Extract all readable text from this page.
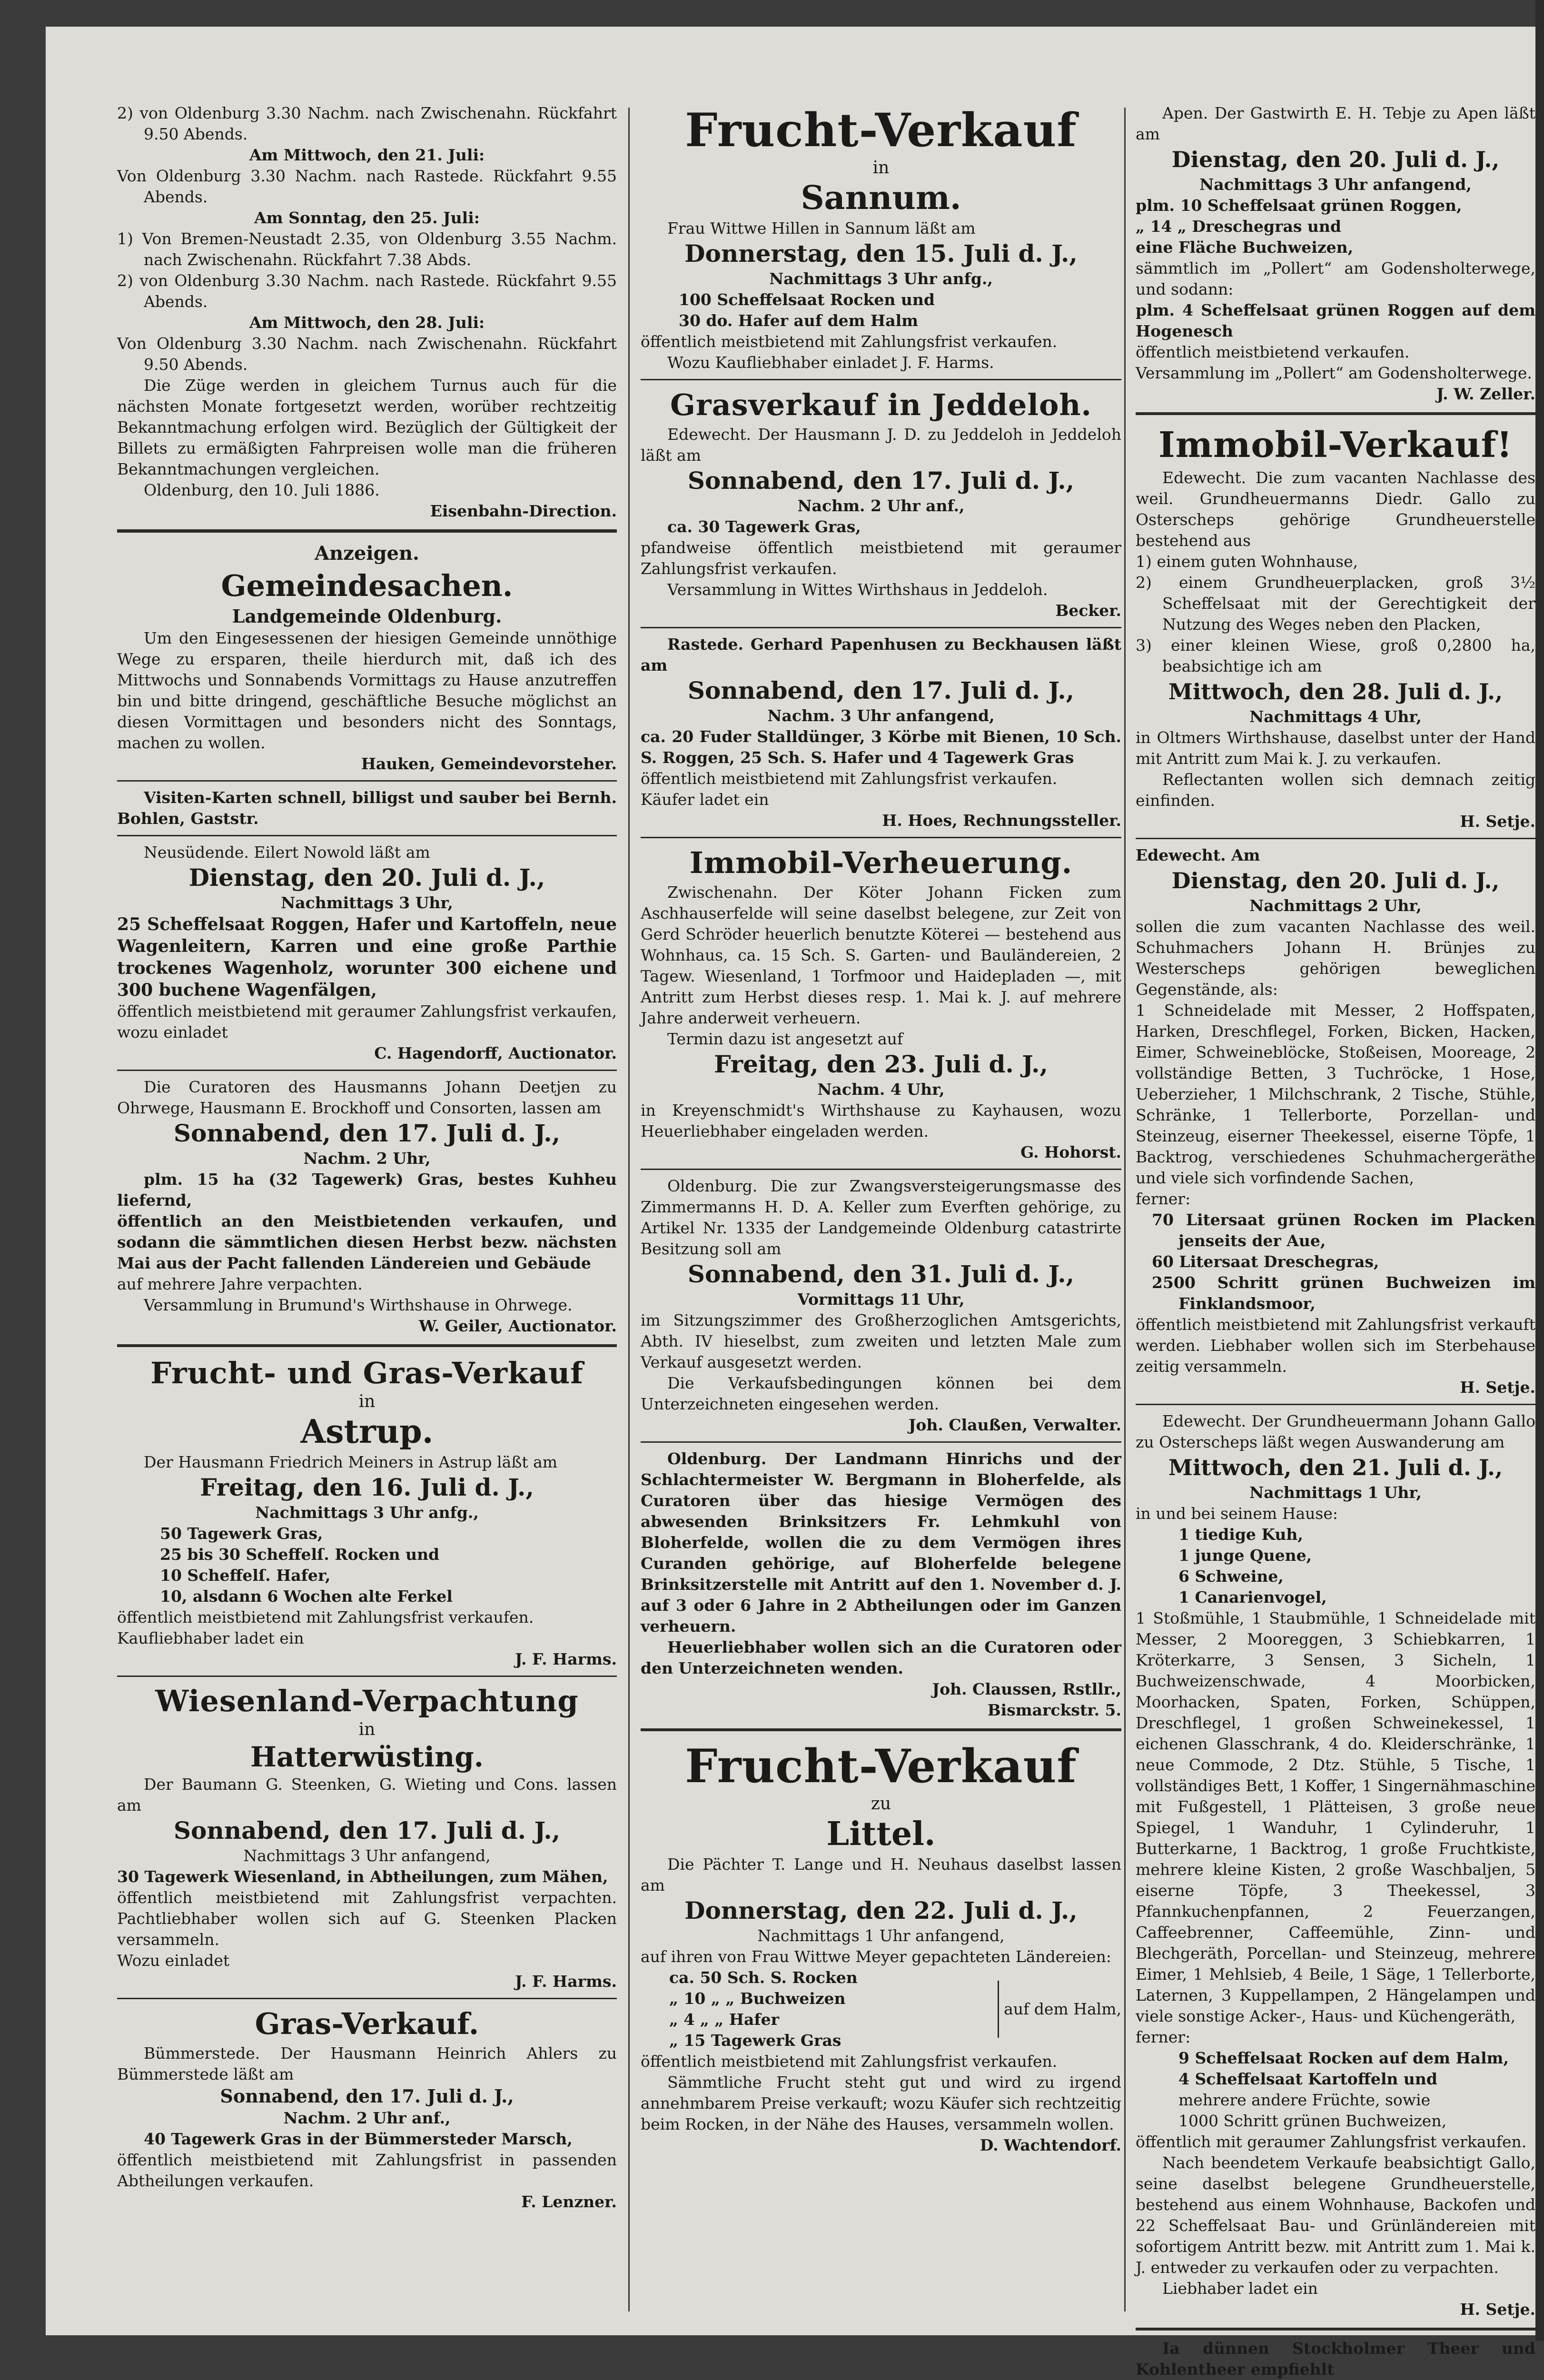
2) von Oldenburg 3.30 Nachm. nach Zwischenahn. Rückfahrt 9.50 Abends.

Am Mittwoch, den 21. Juli:

Von Oldenburg 3.30 Nachm. nach Rastede. Rückfahrt 9.55 Abends.

Am Sonntag, den 25. Juli:

1) Von Bremen-Neustadt 2.35, von Oldenburg 3.55 Nachm. nach Zwischenahn. Rückfahrt 7.38 Abds.

2) von Oldenburg 3.30 Nachm. nach Rastede. Rückfahrt 9.55 Abends.

Am Mittwoch, den 28. Juli:

Von Oldenburg 3.30 Nachm. nach Zwischenahn. Rückfahrt 9.50 Abends.

Die Züge werden in gleichem Turnus auch für die nächsten Monate fortgesetzt werden, worüber rechtzeitig Bekanntmachung erfolgen wird. Bezüglich der Gültigkeit der Billets zu ermäßigten Fahrpreisen wolle man die früheren Bekanntmachungen vergleichen.

Oldenburg, den 10. Juli 1886.

Eisenbahn-Direction.

Anzeigen.

Gemeindesachen.

Landgemeinde Oldenburg.

Um den Eingesessenen der hiesigen Gemeinde unnöthige Wege zu ersparen, theile hierdurch mit, daß ich des Mittwochs und Sonnabends Vormittags zu Hause anzutreffen bin und bitte dringend, geschäftliche Besuche möglichst an diesen Vormittagen und besonders nicht des Sonntags, machen zu wollen.

Hauken, Gemeindevorsteher.

Visiten-Karten schnell, billigst und sauber bei Bernh. Bohlen, Gaststr.

Neusüdende. Eilert Nowold läßt am

Dienstag, den 20. Juli d. J.,

Nachmittags 3 Uhr,

25 Scheffelsaat Roggen, Hafer und Kartoffeln, neue Wagenleitern, Karren und eine große Parthie trockenes Wagenholz, worunter 300 eichene und 300 buchene Wagenfälgen,

öffentlich meistbietend mit geraumer Zahlungsfrist verkaufen, wozu einladet

C. Hagendorff, Auctionator.

Die Curatoren des Hausmanns Johann Deetjen zu Ohrwege, Hausmann E. Brockhoff und Consorten, lassen am

Sonnabend, den 17. Juli d. J.,

Nachm. 2 Uhr,

plm. 15 ha (32 Tagewerk) Gras, bestes Kuhheu liefernd,

öffentlich an den Meistbietenden verkaufen, und sodann die sämmtlichen diesen Herbst bezw. nächsten Mai aus der Pacht fallenden Ländereien und Gebäude

auf mehrere Jahre verpachten.

Versammlung in Brumund's Wirthshause in Ohrwege.

W. Geiler, Auctionator.

Frucht- und Gras-Verkauf

in

Astrup.

Der Hausmann Friedrich Meiners in Astrup läßt am

Freitag, den 16. Juli d. J.,

Nachmittags 3 Uhr anfg.,

50 Tagewerk Gras,

25 bis 30 Scheffelſ. Rocken und

10 Scheffelſ. Hafer,

10, alsdann 6 Wochen alte Ferkel

öffentlich meistbietend mit Zahlungsfrist verkaufen.

Kaufliebhaber ladet ein

J. F. Harms.

Wiesenland-Verpachtung

in

Hatterwüsting.

Der Baumann G. Steenken, G. Wieting und Cons. lassen am

Sonnabend, den 17. Juli d. J.,

Nachmittags 3 Uhr anfangend,

30 Tagewerk Wiesenland, in Abtheilungen, zum Mähen,

öffentlich meistbietend mit Zahlungsfrist verpachten. Pachtliebhaber wollen sich auf G. Steenken Placken versammeln.

Wozu einladet

J. F. Harms.

Gras-Verkauf.

Bümmerstede. Der Hausmann Heinrich Ahlers zu Bümmerstede läßt am

Sonnabend, den 17. Juli d. J.,

Nachm. 2 Uhr anf.,

40 Tagewerk Gras in der Bümmersteder Marsch,

öffentlich meistbietend mit Zahlungsfrist in passenden Abtheilungen verkaufen.

F. Lenzner.

Frucht-Verkauf

in

Sannum.

Frau Wittwe Hillen in Sannum läßt am

Donnerstag, den 15. Juli d. J.,

Nachmittags 3 Uhr anfg.,

100 Scheffelsaat Rocken und

30 do. Hafer auf dem Halm

öffentlich meistbietend mit Zahlungsfrist verkaufen.

Wozu Kaufliebhaber einladet J. F. Harms.

Grasverkauf in Jeddeloh.

Edewecht. Der Hausmann J. D. zu Jeddeloh in Jeddeloh läßt am

Sonnabend, den 17. Juli d. J.,

Nachm. 2 Uhr anf.,

ca. 30 Tagewerk Gras,

pfandweise öffentlich meistbietend mit geraumer Zahlungsfrist verkaufen.

Versammlung in Wittes Wirthshaus in Jeddeloh.

Becker.

Rastede. Gerhard Papenhusen zu Beckhausen läßt am

Sonnabend, den 17. Juli d. J.,

Nachm. 3 Uhr anfangend,

ca. 20 Fuder Stalldünger, 3 Körbe mit Bienen, 10 Sch. S. Roggen, 25 Sch. S. Hafer und 4 Tagewerk Gras

öffentlich meistbietend mit Zahlungsfrist verkaufen.

Käufer ladet ein

H. Hoes, Rechnungssteller.

Immobil-Verheuerung.

Zwischenahn. Der Köter Johann Ficken zum Aschhauserfelde will seine daselbst belegene, zur Zeit von Gerd Schröder heuerlich benutzte Köterei — bestehend aus Wohnhaus, ca. 15 Sch. S. Garten- und Bauländereien, 2 Tagew. Wiesenland, 1 Torfmoor und Haidepladen —, mit Antritt zum Herbst dieses resp. 1. Mai k. J. auf mehrere Jahre anderweit verheuern.

Termin dazu ist angesetzt auf

Freitag, den 23. Juli d. J.,

Nachm. 4 Uhr,

in Kreyenschmidt's Wirthshause zu Kayhausen, wozu Heuerliebhaber eingeladen werden.

G. Hohorst.

Oldenburg. Die zur Zwangsversteigerungsmasse des Zimmermanns H. D. A. Keller zum Everften gehörige, zu Artikel Nr. 1335 der Landgemeinde Oldenburg catastrirte Besitzung soll am

Sonnabend, den 31. Juli d. J.,

Vormittags 11 Uhr,

im Sitzungszimmer des Großherzoglichen Amtsgerichts, Abth. IV hieselbst, zum zweiten und letzten Male zum Verkauf ausgesetzt werden.

Die Verkaufsbedingungen können bei dem Unterzeichneten eingesehen werden.

Joh. Claußen, Verwalter.

Oldenburg. Der Landmann Hinrichs und der Schlachtermeister W. Bergmann in Bloherfelde, als Curatoren über das hiesige Vermögen des abwesenden Brinksitzers Fr. Lehmkuhl von Bloherfelde, wollen die zu dem Vermögen ihres Curanden gehörige, auf Bloherfelde belegene Brinksitzerstelle mit Antritt auf den 1. November d. J. auf 3 oder 6 Jahre in 2 Abtheilungen oder im Ganzen verheuern.

Heuerliebhaber wollen sich an die Curatoren oder den Unterzeichneten wenden.

Joh. Claussen, Rstllr.,

Bismarckstr. 5.

Frucht-Verkauf

zu

Littel.

Die Pächter T. Lange und H. Neuhaus daselbst lassen am

Donnerstag, den 22. Juli d. J.,

Nachmittags 1 Uhr anfangend,

auf ihren von Frau Wittwe Meyer gepachteten Ländereien:

ca. 50 Sch. S. Rocken

„ 10 „ „ Buchweizen

„ 4 „ „ Hafer

„ 15 Tagewerk Gras

auf dem Halm,

öffentlich meistbietend mit Zahlungsfrist verkaufen.

Sämmtliche Frucht steht gut und wird zu irgend annehmbarem Preise verkauft; wozu Käufer sich rechtzeitig beim Rocken, in der Nähe des Hauses, versammeln wollen.

D. Wachtendorf.

Apen. Der Gastwirth E. H. Tebje zu Apen läßt am

Dienstag, den 20. Juli d. J.,

Nachmittags 3 Uhr anfangend,

plm. 10 Scheffelsaat grünen Roggen,

„ 14 „ Dreschegras und

eine Fläche Buchweizen,

sämmtlich im „Pollert“ am Godensholterwege, und sodann:

plm. 4 Scheffelsaat grünen Roggen auf dem Hogenesch

öffentlich meistbietend verkaufen.

Versammlung im „Pollert“ am Godensholterwege.

J. W. Zeller.

Immobil-Verkauf!

Edewecht. Die zum vacanten Nachlasse des weil. Grundheuermanns Diedr. Gallo zu Osterscheps gehörige Grundheuerstelle bestehend aus

1) einem guten Wohnhause,

2) einem Grundheuerplacken, groß 3½ Scheffelsaat mit der Gerechtigkeit der Nutzung des Weges neben den Placken,

3) einer kleinen Wiese, groß 0,2800 ha, beabsichtige ich am

Mittwoch, den 28. Juli d. J.,

Nachmittags 4 Uhr,

in Oltmers Wirthshause, daselbst unter der Hand mit Antritt zum Mai k. J. zu verkaufen.

Reflectanten wollen sich demnach zeitig einfinden.

H. Setje.

Edewecht. Am

Dienstag, den 20. Juli d. J.,

Nachmittags 2 Uhr,

sollen die zum vacanten Nachlasse des weil. Schuhmachers Johann H. Brünjes zu Westerscheps gehörigen beweglichen Gegenstände, als:

1 Schneidelade mit Messer, 2 Hoffspaten, Harken, Dreschflegel, Forken, Bicken, Hacken, Eimer, Schweineblöcke, Stoßeisen, Mooreage, 2 vollständige Betten, 3 Tuchröcke, 1 Hose, Ueberzieher, 1 Milchschrank, 2 Tische, Stühle, Schränke, 1 Tellerborte, Porzellan- und Steinzeug, eiserner Theekessel, eiserne Töpfe, 1 Backtrog, verschiedenes Schuhmachergeräthe und viele sich vorfindende Sachen,

ferner:

70 Litersaat grünen Rocken im Placken jenseits der Aue,

60 Litersaat Dreschegras,

2500 Schritt grünen Buchweizen im Finklandsmoor,

öffentlich meistbietend mit Zahlungsfrist verkauft werden. Liebhaber wollen sich im Sterbehause zeitig versammeln.

H. Setje.

Edewecht. Der Grundheuermann Johann Gallo zu Osterscheps läßt wegen Auswanderung am

Mittwoch, den 21. Juli d. J.,

Nachmittags 1 Uhr,

in und bei seinem Hause:

1 tiedige Kuh,

1 junge Quene,

6 Schweine,

1 Canarienvogel,

1 Stoßmühle, 1 Staubmühle, 1 Schneidelade mit Messer, 2 Mooreggen, 3 Schiebkarren, 1 Kröterkarre, 3 Sensen, 3 Sicheln, 1 Buchweizenschwade, 4 Moorbicken, Moorhacken, Spaten, Forken, Schüppen, Dreschflegel, 1 großen Schweinekessel, 1 eichenen Glasschrank, 4 do. Kleiderschränke, 1 neue Commode, 2 Dtz. Stühle, 5 Tische, 1 vollständiges Bett, 1 Koffer, 1 Singernähmaschine mit Fußgestell, 1 Plätteisen, 3 große neue Spiegel, 1 Wanduhr, 1 Cylinderuhr, 1 Butterkarne, 1 Backtrog, 1 große Fruchtkiste, mehrere kleine Kisten, 2 große Waschbaljen, 5 eiserne Töpfe, 3 Theekessel, 3 Pfannkuchenpfannen, 2 Feuerzangen, Caffeebrenner, Caffeemühle, Zinn- und Blechgeräth, Porcellan- und Steinzeug, mehrere Eimer, 1 Mehlsieb, 4 Beile, 1 Säge, 1 Tellerborte, Laternen, 3 Kuppellampen, 2 Hängelampen und viele sonstige Acker-, Haus- und Küchengeräth,

ferner:

9 Scheffelsaat Rocken auf dem Halm,

4 Scheffelsaat Kartoffeln und

mehrere andere Früchte, sowie

1000 Schritt grünen Buchweizen,

öffentlich mit geraumer Zahlungsfrist verkaufen.

Nach beendetem Verkaufe beabsichtigt Gallo, seine daselbst belegene Grundheuerstelle, bestehend aus einem Wohnhause, Backofen und 22 Scheffelsaat Bau- und Grünländereien mit sofortigem Antritt bezw. mit Antritt zum 1. Mai k. J. entweder zu verkaufen oder zu verpachten.

Liebhaber ladet ein

H. Setje.

Ia dünnen Stockholmer Theer und Kohlentheer empfiehlt
